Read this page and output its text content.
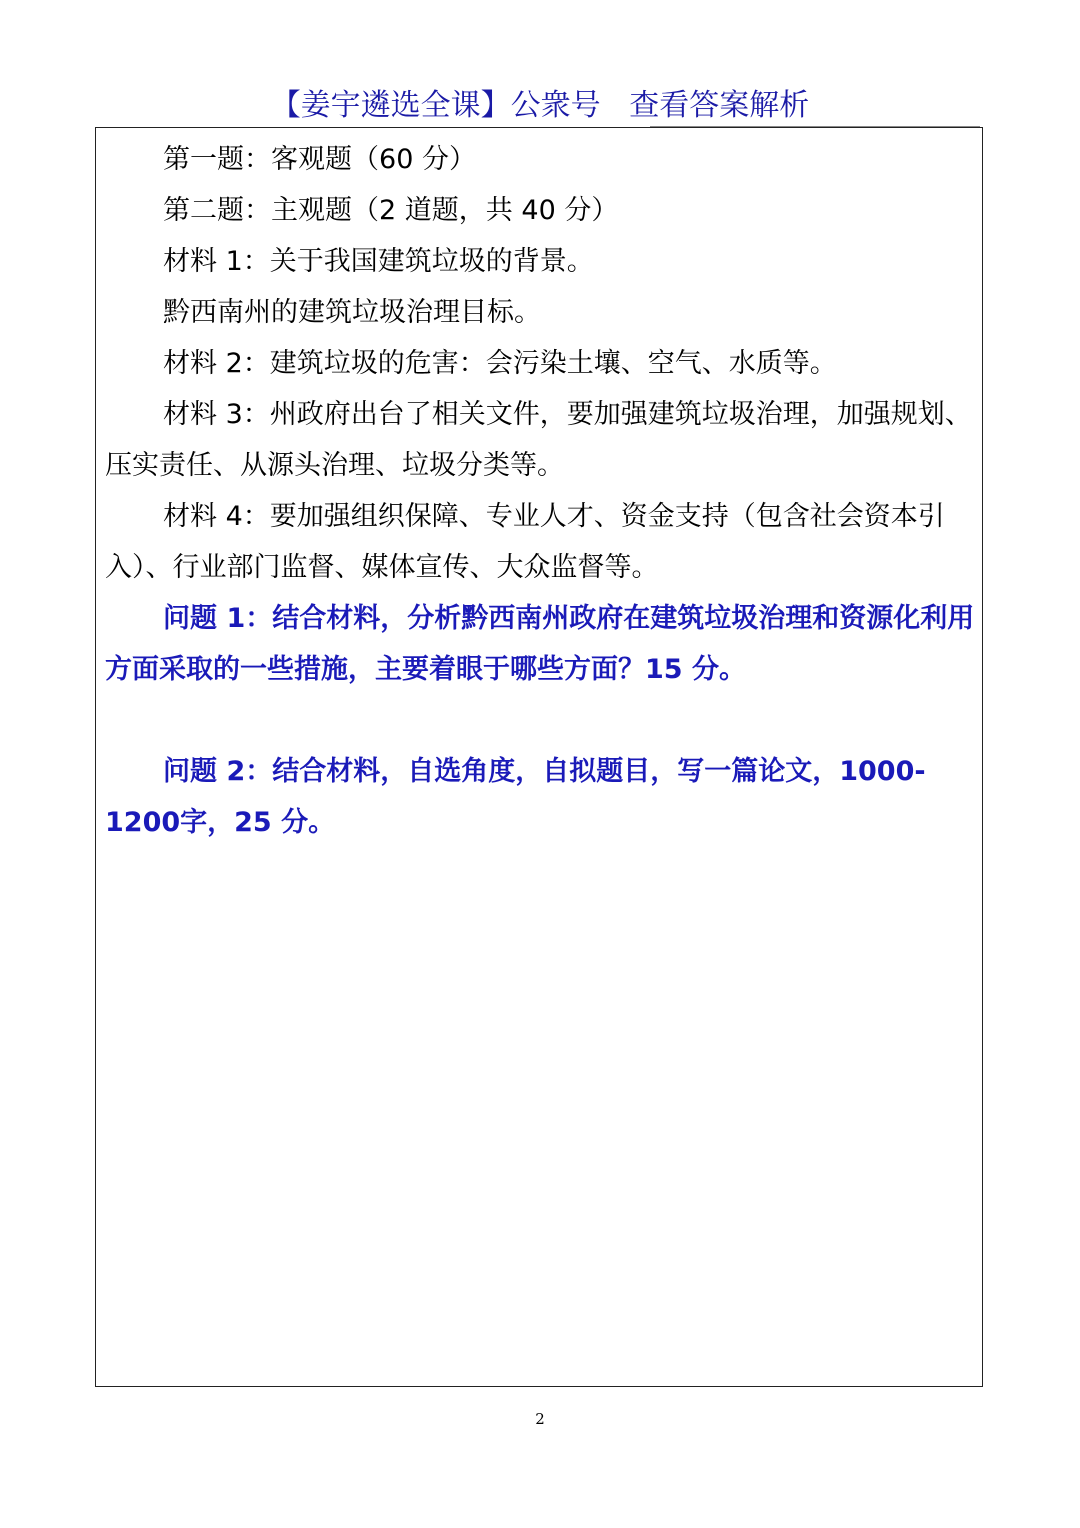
【姜宇遴选全课】公衆号   查看答案解析

第一题：客观题（60 分）

第二题：主观题（2 道题，共 40 分）

材料 1：关于我国建筑垃圾的背景。

黔西南州的建筑垃圾治理目标。

材料 2：建筑垃圾的危害：会污染土壤、空气、水质等。

材料 3：州政府出台了相关文件，要加强建筑垃圾治理，加强规划、压实责任、从源头治理、垃圾分类等。

材料 4：要加强组织保障、专业人才、资金支持（包含社会资本引入）、行业部门监督、媒体宣传、大众监督等。

问题 1：结合材料，分析黔西南州政府在建筑垃圾治理和资源化利用方面采取的一些措施，主要着眼于哪些方面？15 分。

问题 2：结合材料，自选角度，自拟题目，写一篇论文，1000-1200字，25 分。

2
